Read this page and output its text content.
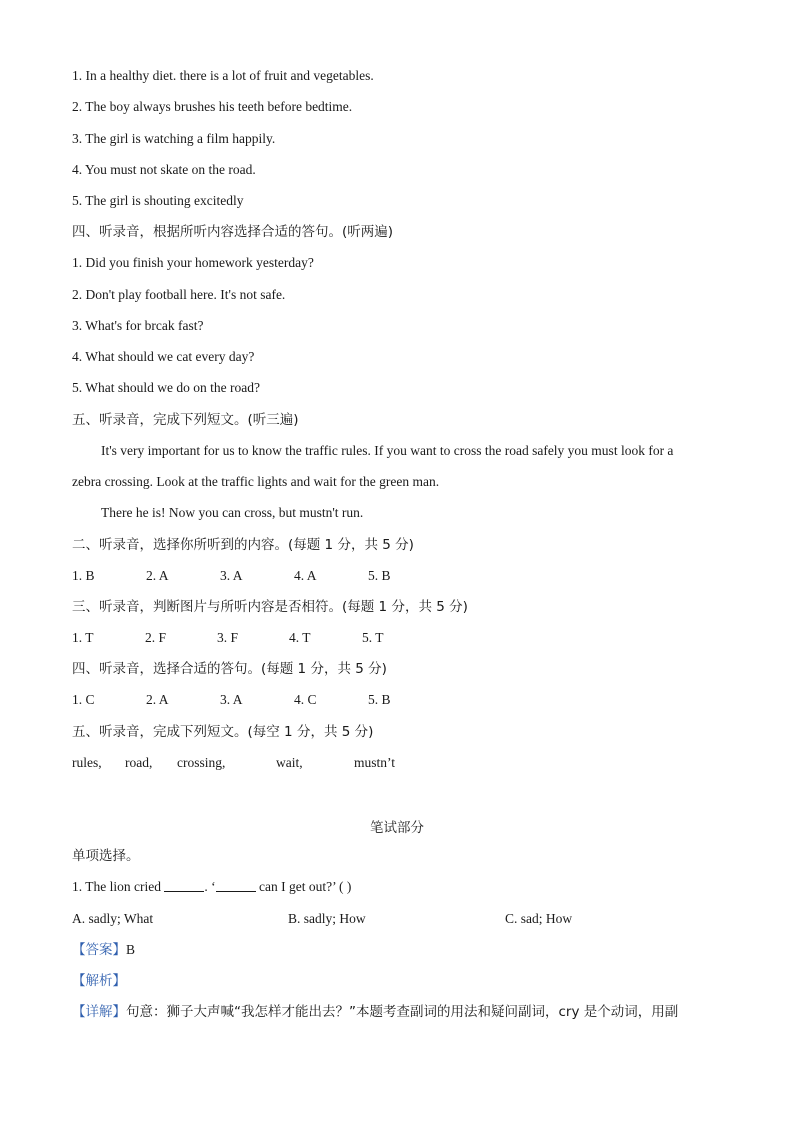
1. In a healthy diet. there is a lot of fruit and vegetables.
2. The boy always brushes his teeth before bedtime.
3. The girl is watching a film happily.
4. You must not skate on the road.
5. The girl is shouting excitedly
四、听录音，根据所听内容选择合适的答句。(听两遍)
1. Did you finish your homework yesterday?
2. Don't play football here. It's not safe.
3. What's for brcak fast?
4. What should we cat every day?
5. What should we do on the road?
五、听录音，完成下列短文。(听三遍)
It's very important for us to know the traffic rules. If you want to cross the road safely you must look for a
zebra crossing. Look at the traffic lights and wait for the green man.
There he is! Now you can cross, but mustn't run.
二、听录音，选择你所听到的内容。(每题 1 分，共 5 分)
1. B	2. A	3. A	4. A	5. B
三、听录音，判断图片与所听内容是否相符。(每题 1 分，共 5 分)
1. T	2. F	3. F	4. T	5. T
四、听录音，选择合适的答句。(每题 1 分，共 5 分)
1. C	2. A	3. A	4. C	5. B
五、听录音，完成下列短文。(每空 1 分，共 5 分)
rules, road, crossing,	wait,	mustn’t
笔试部分
单项选择。
1. The lion cried	. ‘	can I get out?’ ( )
A. sadly; What	B. sadly; How	C. sad; How
【答案】B
【解析】
【详解】句意：狮子大声喊“我怎样才能出去？”本题考查副词的用法和疑问副词，cry 是个动词，用副
